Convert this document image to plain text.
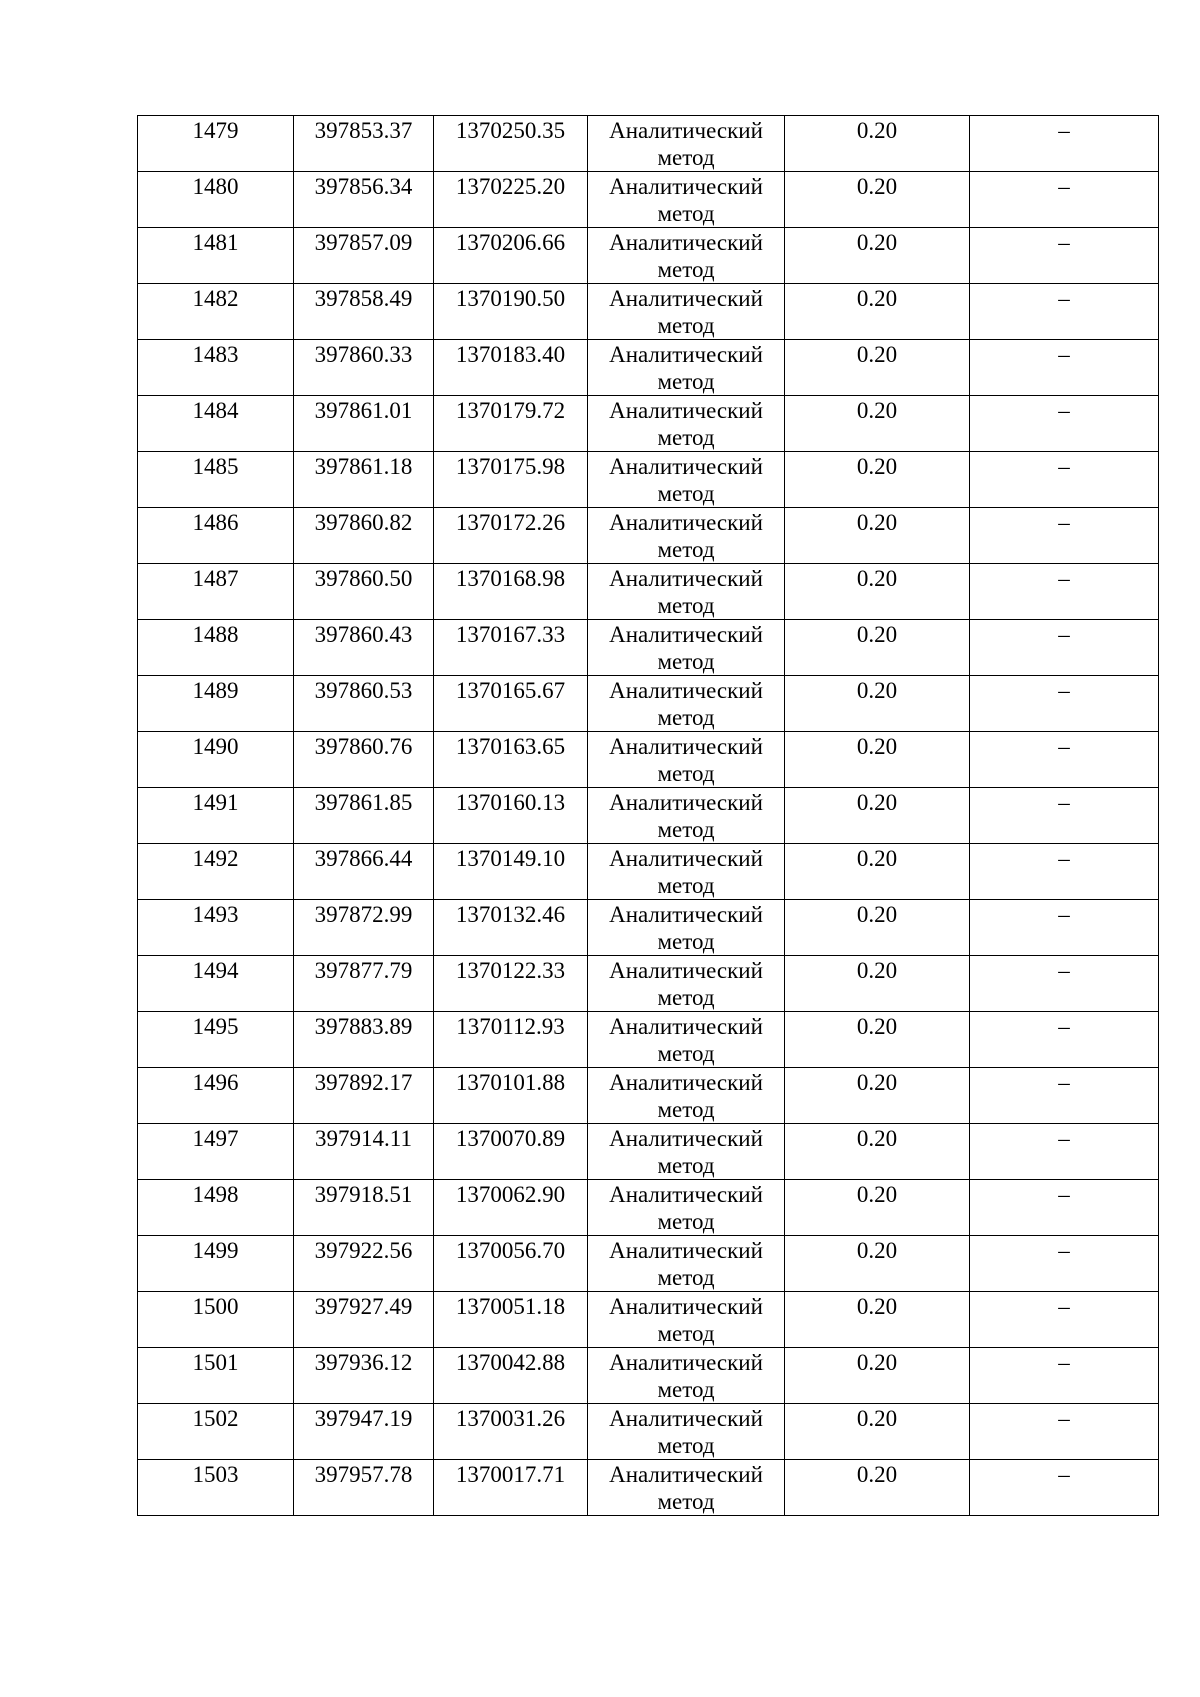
1479	397853.37	1370250.35	Аналитический
метод	0.20	–

1480	397856.34	1370225.20	Аналитический
метод	0.20	–

1481	397857.09	1370206.66	Аналитический
метод	0.20	–

1482	397858.49	1370190.50	Аналитический
метод	0.20	–

1483	397860.33	1370183.40	Аналитический
метод	0.20	–

1484	397861.01	1370179.72	Аналитический
метод	0.20	–

1485	397861.18	1370175.98	Аналитический
метод	0.20	–

1486	397860.82	1370172.26	Аналитический
метод	0.20	–

1487	397860.50	1370168.98	Аналитический
метод	0.20	–

1488	397860.43	1370167.33	Аналитический
метод	0.20	–

1489	397860.53	1370165.67	Аналитический
метод	0.20	–

1490	397860.76	1370163.65	Аналитический
метод	0.20	–

1491	397861.85	1370160.13	Аналитический
метод	0.20	–

1492	397866.44	1370149.10	Аналитический
метод	0.20	–

1493	397872.99	1370132.46	Аналитический
метод	0.20	–

1494	397877.79	1370122.33	Аналитический
метод	0.20	–

1495	397883.89	1370112.93	Аналитический
метод	0.20	–

1496	397892.17	1370101.88	Аналитический
метод	0.20	–

1497	397914.11	1370070.89	Аналитический
метод	0.20	–

1498	397918.51	1370062.90	Аналитический
метод	0.20	–

1499	397922.56	1370056.70	Аналитический
метод	0.20	–

1500	397927.49	1370051.18	Аналитический
метод	0.20	–

1501	397936.12	1370042.88	Аналитический
метод	0.20	–

1502	397947.19	1370031.26	Аналитический
метод	0.20	–

1503	397957.78	1370017.71	Аналитический
метод	0.20	–
